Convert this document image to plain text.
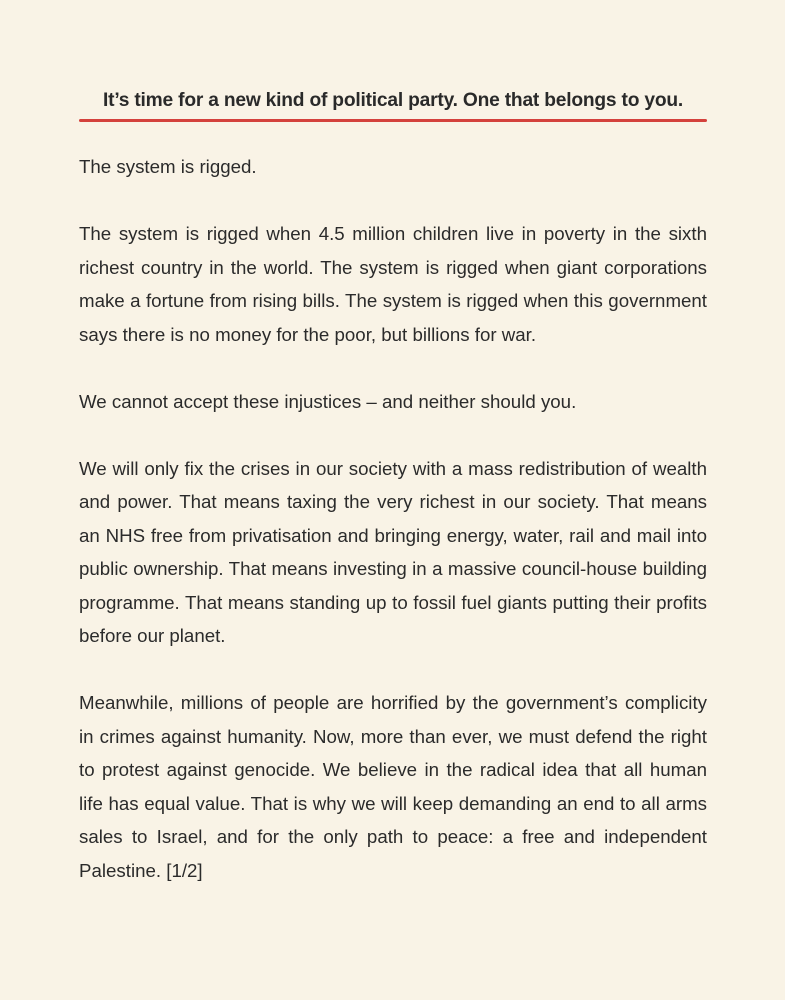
It’s time for a new kind of political party. One that belongs to you.

The system is rigged.

The system is rigged when 4.5 million children live in poverty in the sixth richest country in the world. The system is rigged when giant corporations make a fortune from rising bills. The system is rigged when this government says there is no money for the poor, but billions for war.

We cannot accept these injustices – and neither should you.

We will only fix the crises in our society with a mass redistribution of wealth and power. That means taxing the very richest in our society. That means an NHS free from privatisation and bringing energy, water, rail and mail into public ownership. That means investing in a massive council-house building programme. That means standing up to fossil fuel giants putting their profits before our planet.

Meanwhile, millions of people are horrified by the government’s complicity in crimes against humanity. Now, more than ever, we must defend the right to protest against genocide. We believe in the radical idea that all human life has equal value. That is why we will keep demanding an end to all arms sales to Israel, and for the only path to peace: a free and independent Palestine. [1/2]
